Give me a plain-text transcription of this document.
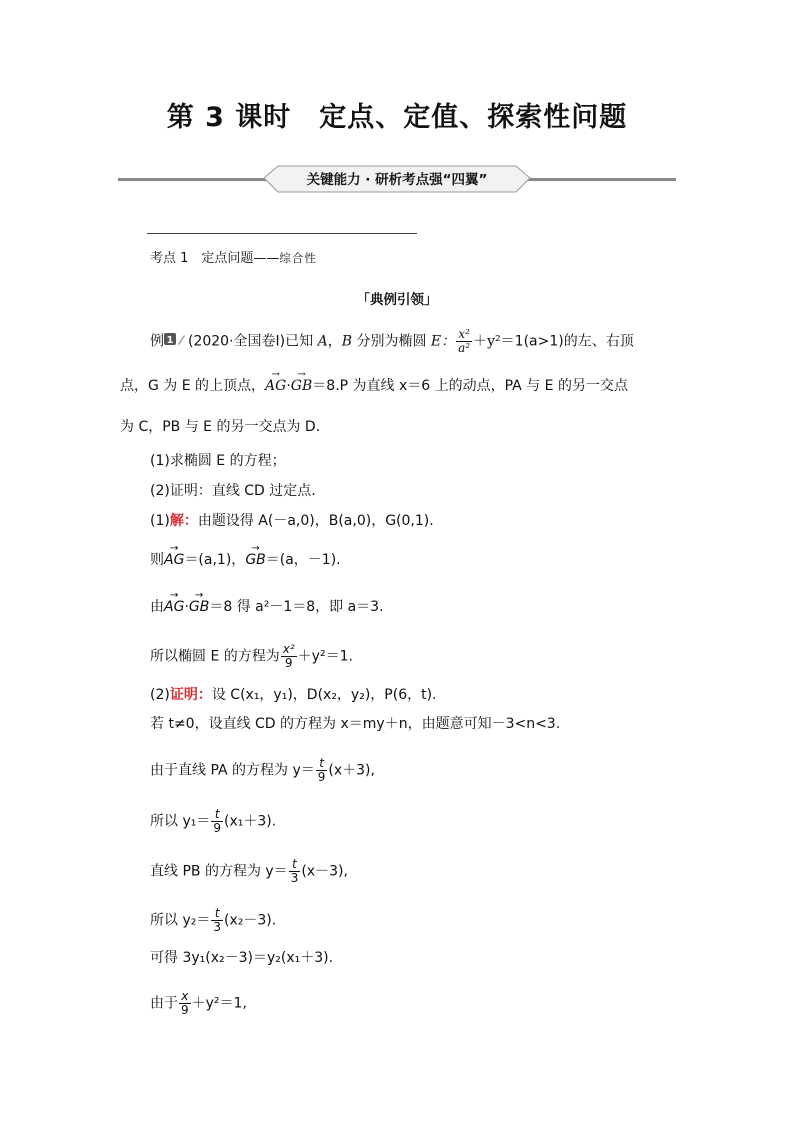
第 3 课时　定点、定值、探索性问题
关键能力 · 研析考点强“四翼”
考点 1　定点问题——综合性
「典例引领」
例 1 (2020·全国卷Ⅰ)已知 A，B 分别为椭圆 E： $\frac{\text{x²}}{\text{a²}} +y^2=1(a>1)$的左、右顶
点，G 为 E 的上顶点，→ AG·→ GB＝8.P 为直线 x＝6 上的动点，PA 与 E 的另一交点
为 C，PB 与 E 的另一交点为 D.
(1)求椭圆 E 的方程；
(2)证明：直线 CD 过定点.
(1)解：由题设得 A(－a,0)，B(a,0)，G(0,1).
则→ AG＝(a,1)，→ GB＝(a，－1).
由→ AG·→ GB＝8 得 a²－1＝8，即 a＝3.
所以椭圆 E 的方程为 $\frac{\text{x²}}{9} +y^2=1$.
(2)证明：设 C(x₁，y₁)，D(x₂，y₂)，P(6，t).
若 t≠0，设直线 CD 的方程为 x＝my＋n，由题意可知－3<n<3.
由于直线 PA 的方程为 $y= \frac{t}{9} (x+3)$,
所以 $y_1= \frac{t}{9} (x_1+3)$.
直线 PB 的方程为 $y= \frac{t}{3} (x-3)$,
所以 $y_2= \frac{t}{3} (x_2-3)$.
可得 3y₁(x₂－3)＝y₂(x₁＋3).
由于 $\frac{x}{9} +y^2=1$,
